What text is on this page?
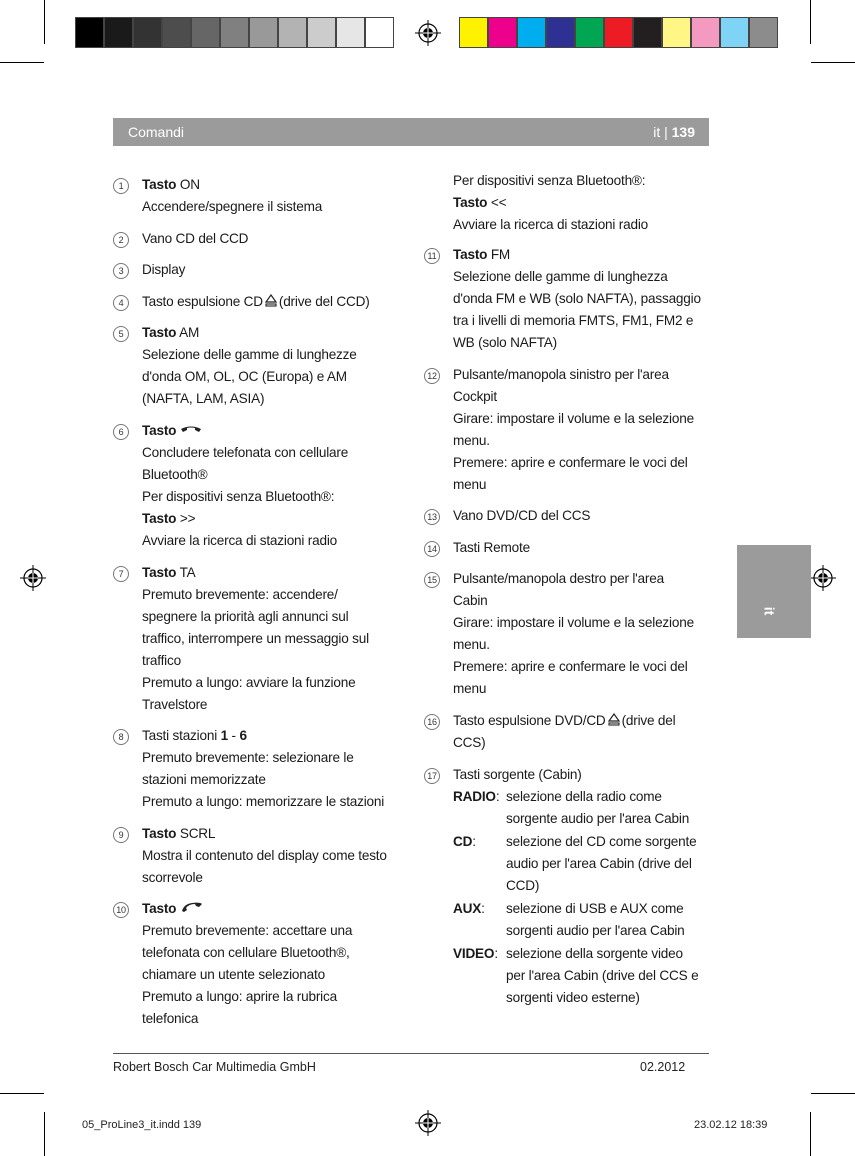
Comandi	it | 139
it
1	Tasto ON
Accendere/spegnere il sistema
2	Vano CD del CCD
3	Display
4	Tasto espulsione CD (drive del CCD)
5	Tasto AM
Selezione delle gamme di lunghezze
d'onda OM, OL, OC (Europa) e AM
(NAFTA, LAM, ASIA)
6	Tasto
Concludere telefonata con cellulare
Bluetooth®
Per dispositivi senza Bluetooth®:
Tasto >>
Avviare la ricerca di stazioni radio
7	Tasto TA
Premuto brevemente: accendere/
spegnere la priorità agli annunci sul
traffico, interrompere un messaggio sul
traffico
Premuto a lungo: avviare la funzione
Travelstore
8	Tasti stazioni 1 - 6
Premuto brevemente: selezionare le
stazioni memorizzate
Premuto a lungo: memorizzare le stazioni
9	Tasto SCRL
Mostra il contenuto del display come testo
scorrevole
10 Tasto
Premuto brevemente: accettare una
telefonata con cellulare Bluetooth®,
chiamare un utente selezionato
Premuto a lungo: aprire la rubrica
telefonica
Per dispositivi senza Bluetooth®:
Tasto <<
Avviare la ricerca di stazioni radio
11 Tasto FM
Selezione delle gamme di lunghezza
d'onda FM e WB (solo NAFTA), passaggio
tra i livelli di memoria FMTS, FM1, FM2 e
WB (solo NAFTA)
12 Pulsante/manopola sinistro per l'area
Cockpit
Girare: impostare il volume e la selezione
menu.
Premere: aprire e confermare le voci del
menu
13 Vano DVD/CD del CCS
14 Tasti Remote
15 Pulsante/manopola destro per l'area
Cabin
Girare: impostare il volume e la selezione
menu.
Premere: aprire e confermare le voci del
menu
16 Tasto espulsione DVD/CD (drive del
CCS)
17 Tasti sorgente (Cabin)
RADIO: selezione della radio come
sorgente audio per l'area Cabin
CD: selezione del CD come sorgente
audio per l'area Cabin (drive del
CCD)
AUX: selezione di USB e AUX come
sorgenti audio per l'area Cabin
VIDEO: selezione della sorgente video
per l'area Cabin (drive del CCS e
sorgenti video esterne)
Robert Bosch Car Multimedia GmbH	02.2012
05_ProLine3_it.indd 139	23.02.12 18:39
